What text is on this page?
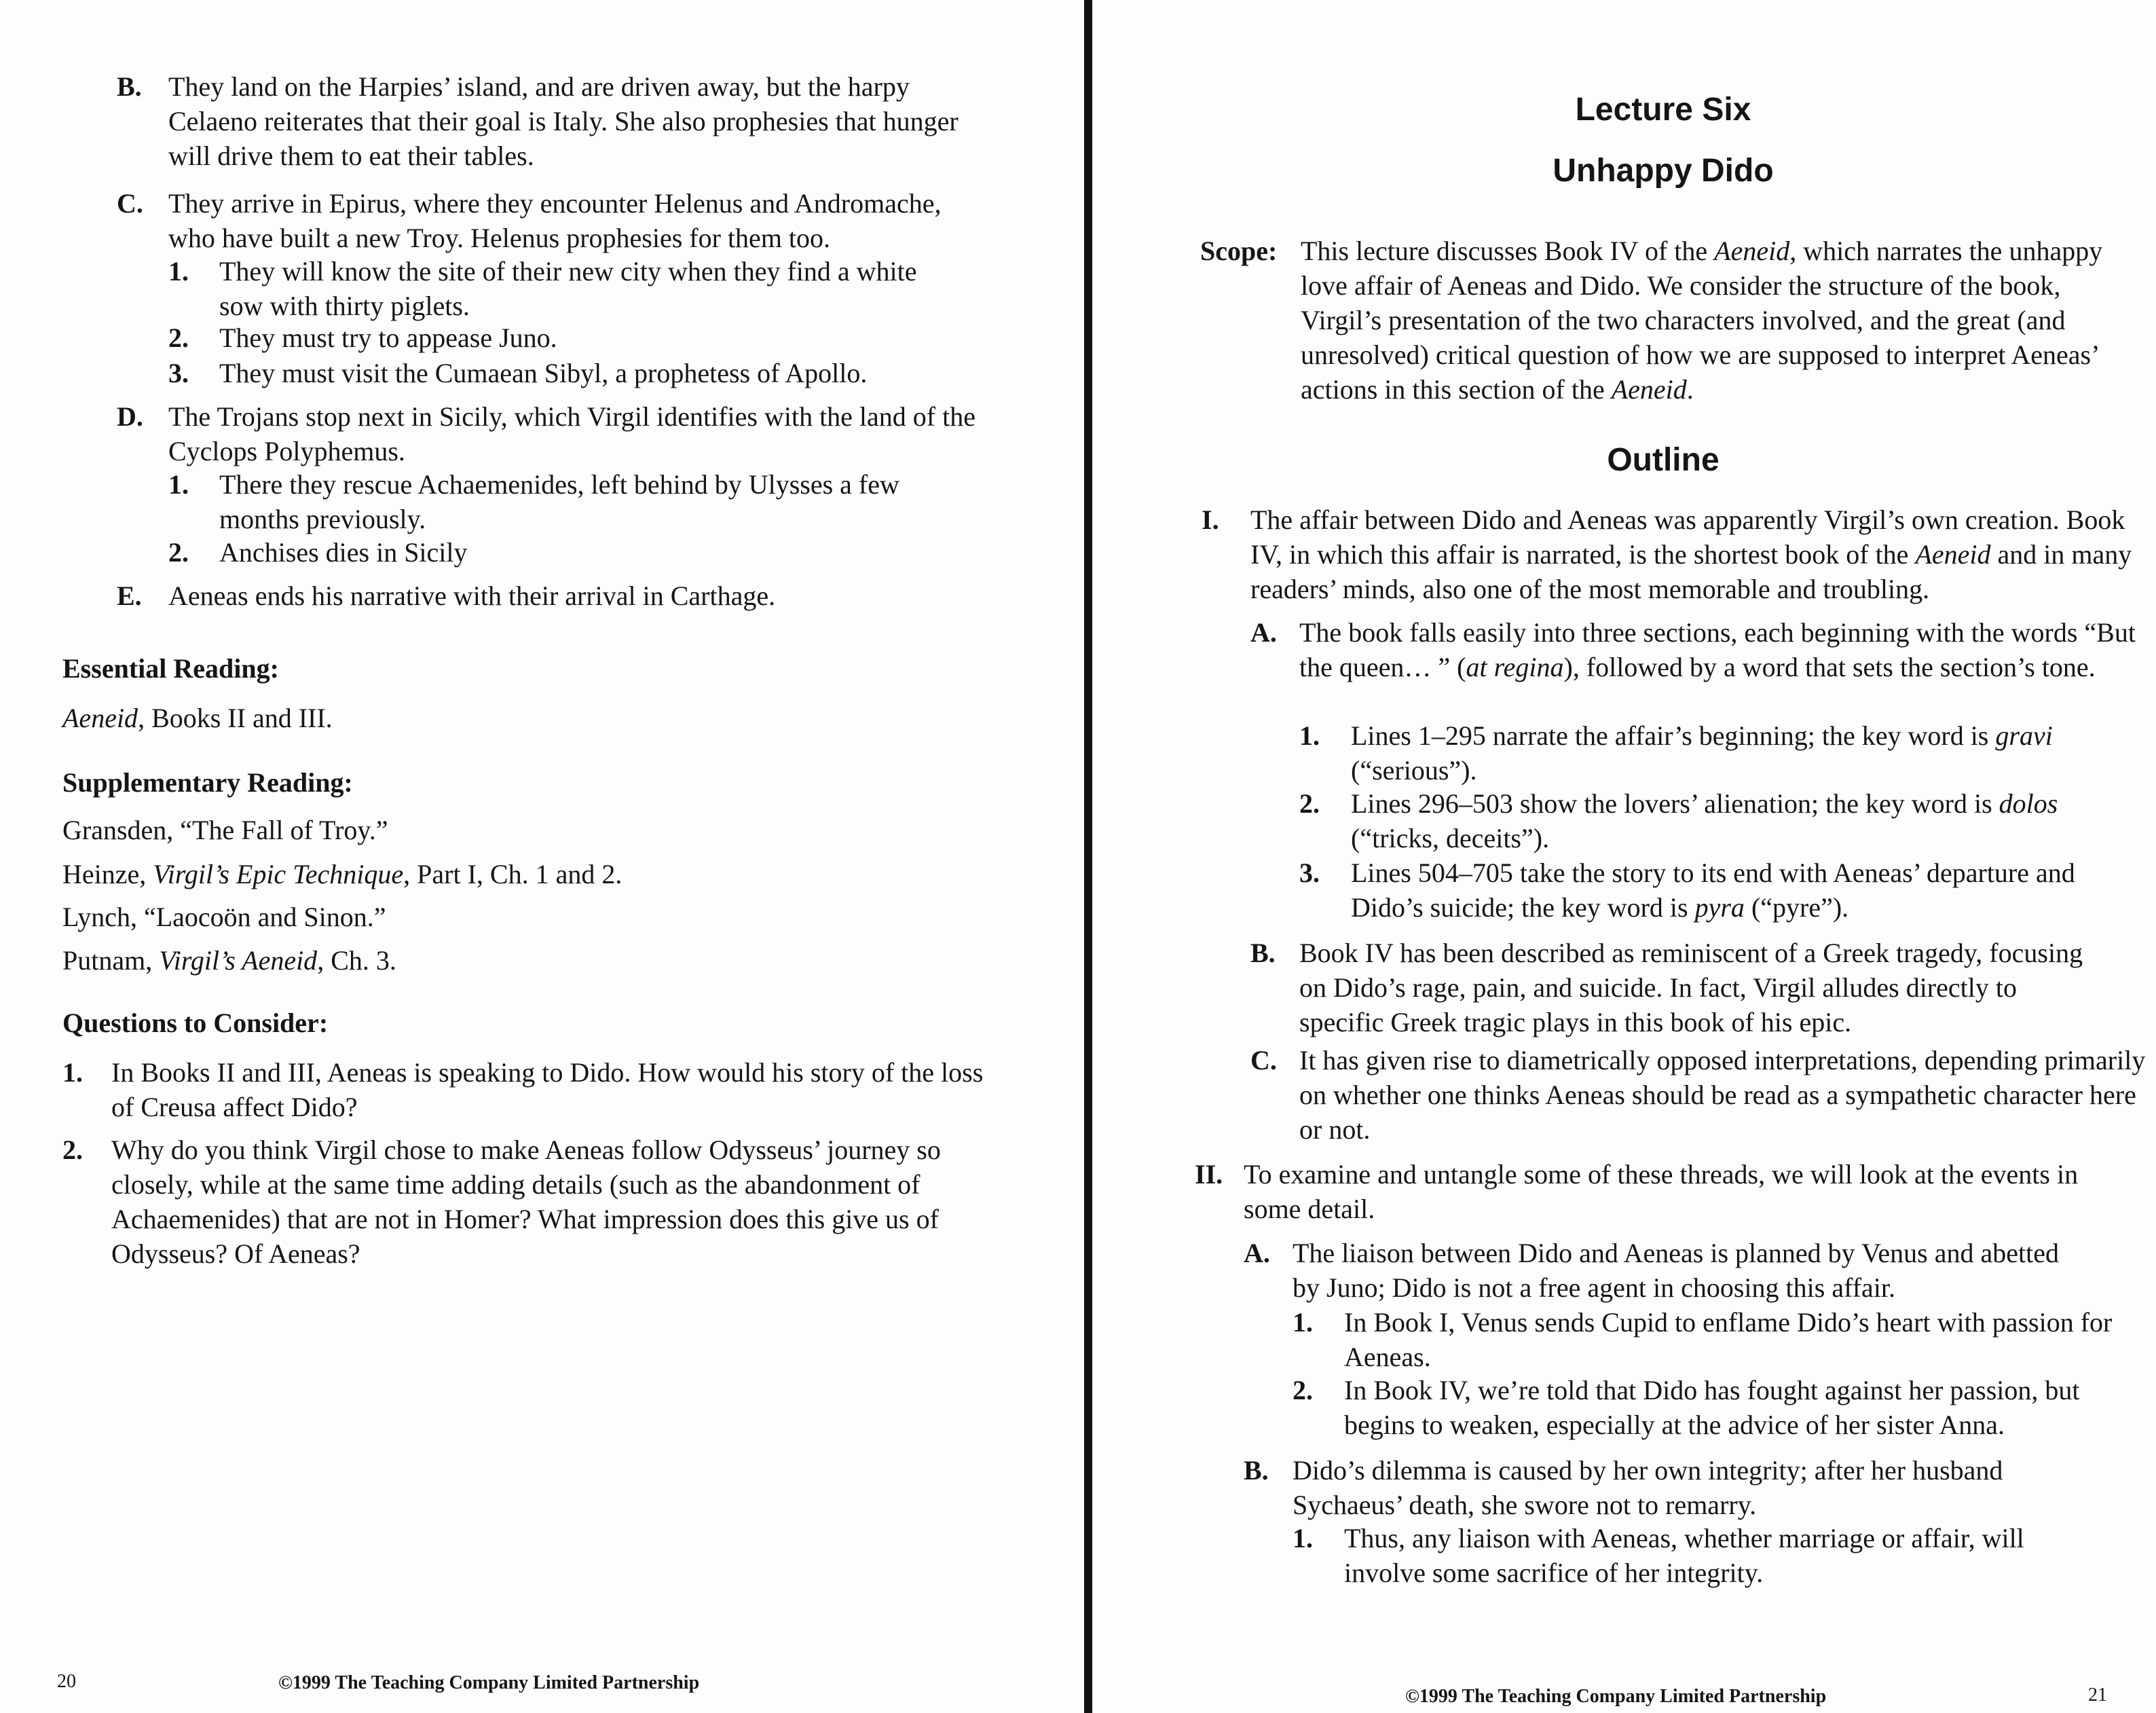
B. They land on the Harpies’ island, and are driven away, but the harpy Celaeno reiterates that their goal is Italy. She also prophesies that hunger will drive them to eat their tables.
C. They arrive in Epirus, where they encounter Helenus and Andromache, who have built a new Troy. Helenus prophesies for them too.
1. They will know the site of their new city when they find a white sow with thirty piglets.
2. They must try to appease Juno.
3. They must visit the Cumaean Sibyl, a prophetess of Apollo.
D. The Trojans stop next in Sicily, which Virgil identifies with the land of the Cyclops Polyphemus.
1. There they rescue Achaemenides, left behind by Ulysses a few months previously.
2. Anchises dies in Sicily
E. Aeneas ends his narrative with their arrival in Carthage.
Essential Reading:
Aeneid, Books II and III.
Supplementary Reading:
Gransden, “The Fall of Troy.”
Heinze, Virgil’s Epic Technique, Part I, Ch. 1 and 2.
Lynch, “Laocoön and Sinon.”
Putnam, Virgil’s Aeneid, Ch. 3.
Questions to Consider:
1. In Books II and III, Aeneas is speaking to Dido. How would his story of the loss of Creusa affect Dido?
2. Why do you think Virgil chose to make Aeneas follow Odysseus’ journey so closely, while at the same time adding details (such as the abandonment of Achaemenides) that are not in Homer? What impression does this give us of Odysseus? Of Aeneas?
20	©1999 The Teaching Company Limited Partnership
Lecture Six
Unhappy Dido
Scope: This lecture discusses Book IV of the Aeneid, which narrates the unhappy love affair of Aeneas and Dido. We consider the structure of the book, Virgil’s presentation of the two characters involved, and the great (and unresolved) critical question of how we are supposed to interpret Aeneas’ actions in this section of the Aeneid.
Outline
I. The affair between Dido and Aeneas was apparently Virgil’s own creation. Book IV, in which this affair is narrated, is the shortest book of the Aeneid and in many readers’ minds, also one of the most memorable and troubling.
A. The book falls easily into three sections, each beginning with the words “But the queen… ” (at regina), followed by a word that sets the section’s tone.
1. Lines 1–295 narrate the affair’s beginning; the key word is gravi (“serious”).
2. Lines 296–503 show the lovers’ alienation; the key word is dolos (“tricks, deceits”).
3. Lines 504–705 take the story to its end with Aeneas’ departure and Dido’s suicide; the key word is pyra (“pyre”).
B. Book IV has been described as reminiscent of a Greek tragedy, focusing on Dido’s rage, pain, and suicide. In fact, Virgil alludes directly to specific Greek tragic plays in this book of his epic.
C. It has given rise to diametrically opposed interpretations, depending primarily on whether one thinks Aeneas should be read as a sympathetic character here or not.
II. To examine and untangle some of these threads, we will look at the events in some detail.
A. The liaison between Dido and Aeneas is planned by Venus and abetted by Juno; Dido is not a free agent in choosing this affair.
1. In Book I, Venus sends Cupid to enflame Dido’s heart with passion for Aeneas.
2. In Book IV, we’re told that Dido has fought against her passion, but begins to weaken, especially at the advice of her sister Anna.
B. Dido’s dilemma is caused by her own integrity; after her husband Sychaeus’ death, she swore not to remarry.
1. Thus, any liaison with Aeneas, whether marriage or affair, will involve some sacrifice of her integrity.
©1999 The Teaching Company Limited Partnership	21
